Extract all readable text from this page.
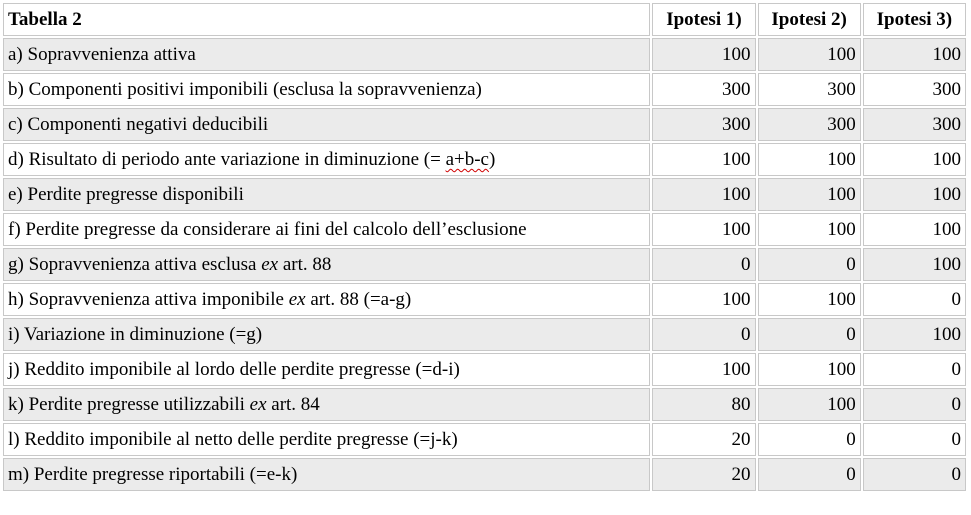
Tabella 2	Ipotesi 1)	Ipotesi 2)	Ipotesi 3)
a) Sopravvenienza attiva	100	100	100
b) Componenti positivi imponibili (esclusa la sopravvenienza)	300	300	300
c) Componenti negativi deducibili	300	300	300
d) Risultato di periodo ante variazione in diminuzione (= a+b-c)	100	100	100
e) Perdite pregresse disponibili	100	100	100
f) Perdite pregresse da considerare ai fini del calcolo dell’esclusione	100	100	100
g) Sopravvenienza attiva esclusa ex art. 88	0	0	100
h) Sopravvenienza attiva imponibile ex art. 88 (=a-g)	100	100	0
i) Variazione in diminuzione (=g)	0	0	100
j) Reddito imponibile al lordo delle perdite pregresse (=d-i)	100	100	0
k) Perdite pregresse utilizzabili ex art. 84	80	100	0
l) Reddito imponibile al netto delle perdite pregresse (=j-k)	20	0	0
m) Perdite pregresse riportabili (=e-k)	20	0	0
